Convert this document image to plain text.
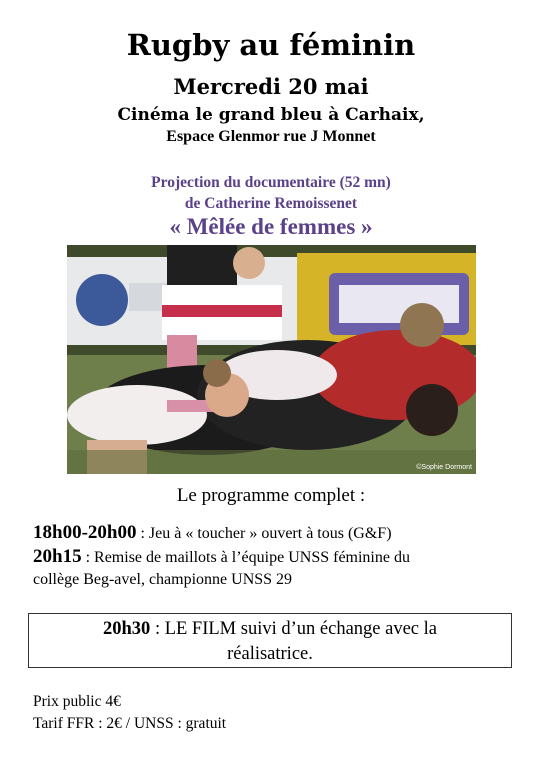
Rugby au féminin
Mercredi 20 mai
Cinéma le grand bleu à Carhaix,
Espace Glenmor rue J Monnet
Projection du documentaire (52 mn)
de Catherine Remoissenet
« Mêlée de femmes »
©Sophie Dormont
Le programme complet :
18h00-20h00 : Jeu à « toucher » ouvert à tous (G&F)
20h15 : Remise de maillots à l’équipe UNSS féminine du
collège Beg-avel, championne UNSS 29
20h30 : LE FILM suivi d’un échange avec la
réalisatrice.
Prix public 4€
Tarif FFR : 2€ / UNSS : gratuit
